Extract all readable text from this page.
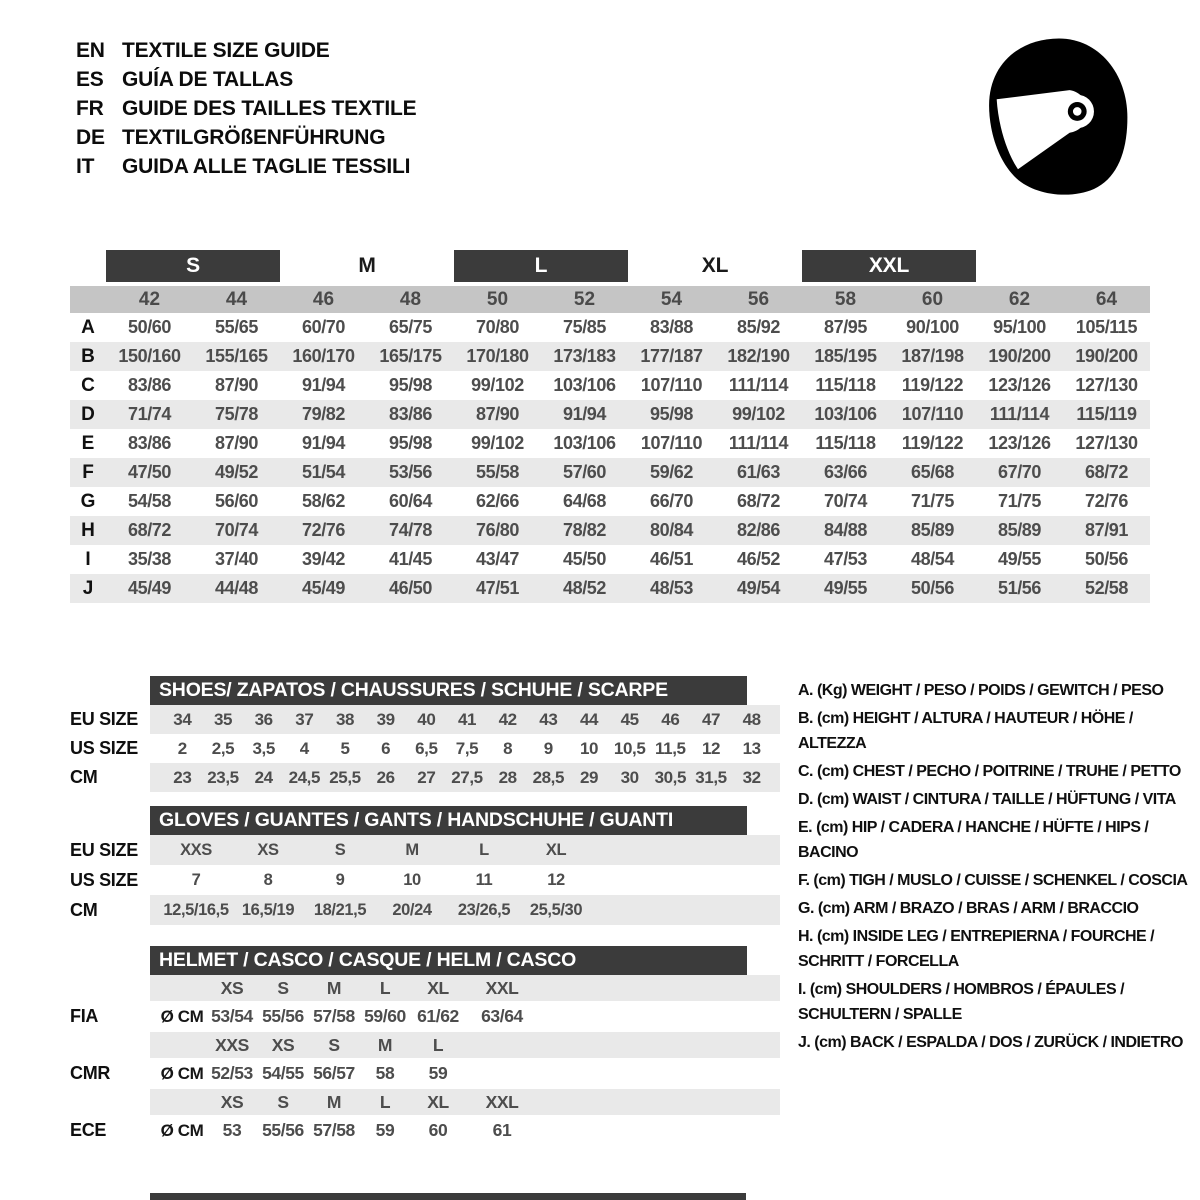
EN TEXTILE SIZE GUIDE
ES GUÍA DE TALLAS
FR GUIDE DES TAILLES TEXTILE
DE TEXTILGRÖßENFÜHRUNG
IT	GUIDA ALLE TAGLIE TESSILI
S	M	L	XL	XXL
42	44	46	48	50	52	54	56	58	60	62	64
A	50/60	55/65	60/70	65/75	70/80	75/85	83/88	85/92	87/95	90/100	95/100	105/115
B	150/160	155/165	160/170	165/175	170/180	173/183	177/187	182/190	185/195	187/198	190/200	190/200
C	83/86	87/90	91/94	95/98	99/102	103/106	107/110	111/114	115/118	119/122	123/126	127/130
D	71/74	75/78	79/82	83/86	87/90	91/94	95/98	99/102	103/106	107/110	111/114	115/119
E	83/86	87/90	91/94	95/98	99/102	103/106	107/110	111/114	115/118	119/122	123/126	127/130
F	47/50	49/52	51/54	53/56	55/58	57/60	59/62	61/63	63/66	65/68	67/70	68/72
G	54/58	56/60	58/62	60/64	62/66	64/68	66/70	68/72	70/74	71/75	71/75	72/76
H	68/72	70/74	72/76	74/78	76/80	78/82	80/84	82/86	84/88	85/89	85/89	87/91
I	35/38	37/40	39/42	41/45	43/47	45/50	46/51	46/52	47/53	48/54	49/55	50/56
J	45/49	44/48	45/49	46/50	47/51	48/52	48/53	49/54	49/55	50/56	51/56	52/58
SHOES/ ZAPATOS / CHAUSSURES / SCHUHE / SCARPE
EU SIZE	34	35	36	37	38	39	40	41	42	43	44	45	46	47	48
US SIZE	2	2,5	3,5	4	5	6	6,5	7,5	8	9	10 10,5 11,5 12	13
CM	23 23,5 24 24,5 25,5 26	27 27,5 28 28,5 29	30 30,5 31,5 32
GLOVES / GUANTES / GANTS / HANDSCHUHE / GUANTI
EU SIZE	XXS	XS	S	M	L	XL
US SIZE	7	8	9	10	11	12
CM	12,5/16,5 16,5/19	18/21,5	20/24	23/26,5	25,5/30
HELMET / CASCO / CASQUE / HELM / CASCO
XS	S	M	L	XL	XXL
FIA	Ø CM 53/54 55/56 57/58 59/60 61/62	63/64
XXS	XS	S	M	L
CMR	Ø CM 52/53 54/55 56/57	58	59
XS	S	M	L	XL	XXL
ECE	Ø CM	53	55/56 57/58	59	60	61
A. (Kg) WEIGHT / PESO / POIDS / GEWITCH / PESO
B. (cm) HEIGHT / ALTURA / HAUTEUR / HÖHE / ALTEZZA
C. (cm) CHEST / PECHO / POITRINE / TRUHE / PETTO
D. (cm) WAIST / CINTURA / TAILLE / HÜFTUNG / VITA
E. (cm) HIP / CADERA / HANCHE / HÜFTE / HIPS / BACINO
F. (cm) TIGH / MUSLO / CUISSE / SCHENKEL / COSCIA
G. (cm) ARM / BRAZO / BRAS / ARM / BRACCIO
H. (cm) INSIDE LEG / ENTREPIERNA / FOURCHE / SCHRITT / FORCELLA
I. (cm) SHOULDERS / HOMBROS / ÉPAULES / SCHULTERN / SPALLE
J. (cm) BACK / ESPALDA / DOS / ZURÜCK / INDIETRO
